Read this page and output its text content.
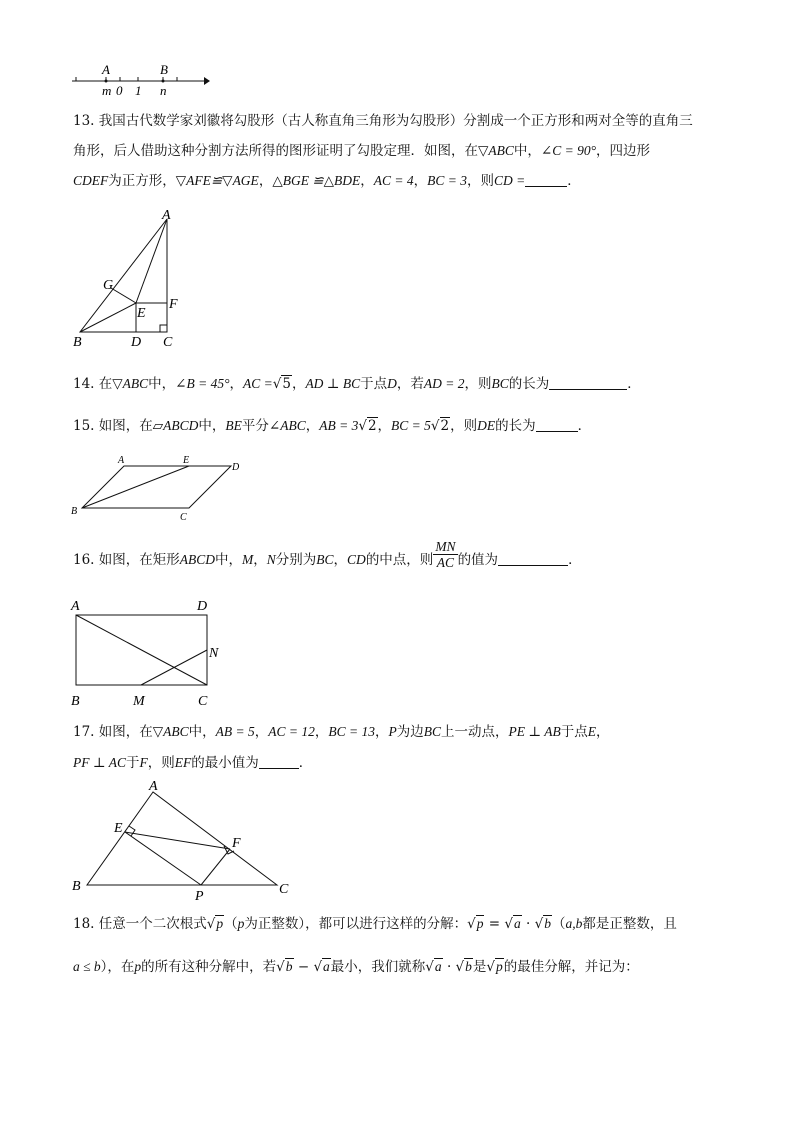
A	B
m 0 1 n
13. 我国古代数学家刘徽将勾股形（古人称直角三角形为勾股形）分割成一个正方形和两对全等的直角三
角形，后人借助这种分割方法所得的图形证明了勾股定理．如图，在▽ABC中，∠C = 90°，四边形
CDEF为正方形，▽AFE≌▽AGE，△BGE ≌△BDE，AC = 4，BC = 3，则CD =	．
A
G
E
F
B	D C
14. 在▽ABC中，∠B = 45°，AC =√5，AD ⊥ BC于点D，若AD = 2，则BC的长为	．
15. 如图，在▱ABCD中，BE平分∠ABC，AB = 3√2，BC = 5√2，则DE的长为	．
A	E
D
B
C
16. 如图，在矩形ABCD中，M，N分别为BC，CD的中点，则 $\frac{MN}{AC}$ 的值为	．
A	D
N
B	M	C
17. 如图，在▽ABC中，AB = 5，AC = 12，BC = 13，P为边BC上一动点，PE ⊥ AB于点E，
PF ⊥ AC于F，则EF的最小值为	．
A
E
F
B
P	C
18. 任意一个二次根式√p（p为正整数），都可以进行这样的分解：√p = √a · √b（a,b都是正整数，且
a ≤ b），在p的所有这种分解中，若√b − √a最小，我们就称√a · √b是√p的最佳分解，并记为：
